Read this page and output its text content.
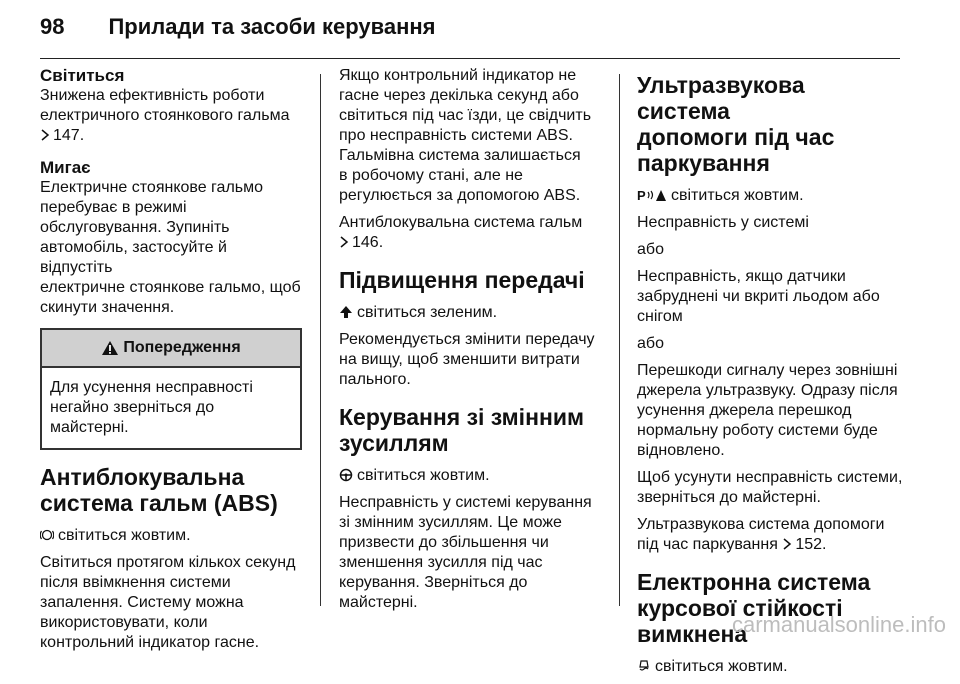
98 Прилади та засоби керування
Світиться

Знижена ефективність роботи
електричного стоянкового гальма
147.

Мигає

Електричне стоянкове гальмо
перебуває в режимі
обслуговування. Зупиніть
автомобіль, застосуйте й відпустіть
електричне стоянкове гальмо, щоб
скинути значення.

Попередження
Для усунення несправності
негайно зверніться до
майстерні.
Антиблокувальна
система гальм (ABS)

світиться жовтим.

Світиться протягом кількох секунд
після ввімкнення системи
запалення. Систему можна
використовувати, коли
контрольний індикатор гасне.

Якщо контрольний індикатор не
гасне через декілька секунд або
світиться під час їзди, це свідчить
про несправність системи ABS.
Гальмівна система залишається
в робочому стані, але не
регулюється за допомогою ABS.

Антиблокувальна система гальм
146.

Підвищення передачі

світиться зеленим.

Рекомендується змінити передачу
на вищу, щоб зменшити витрати
пального.

Керування зі змінним
зусиллям

світиться жовтим.

Несправність у системі керування
зі змінним зусиллям. Це може
призвести до збільшення чи
зменшення зусилля під час
керування. Зверніться до
майстерні.

Ультразвукова система
допомоги під час
паркування

P світиться жовтим.

Несправність у системі

або

Несправність, якщо датчики
забруднені чи вкриті льодом або
снігом

або

Перешкоди сигналу через зовнішні
джерела ультразвуку. Одразу після
усунення джерела перешкод
нормальну роботу системи буде
відновлено.

Щоб усунути несправність системи,
зверніться до майстерні.

Ультразвукова система допомоги
під час паркування 152.

Електронна система
курсової стійкості
вимкнена

світиться жовтим.

carmanualsonline.info
